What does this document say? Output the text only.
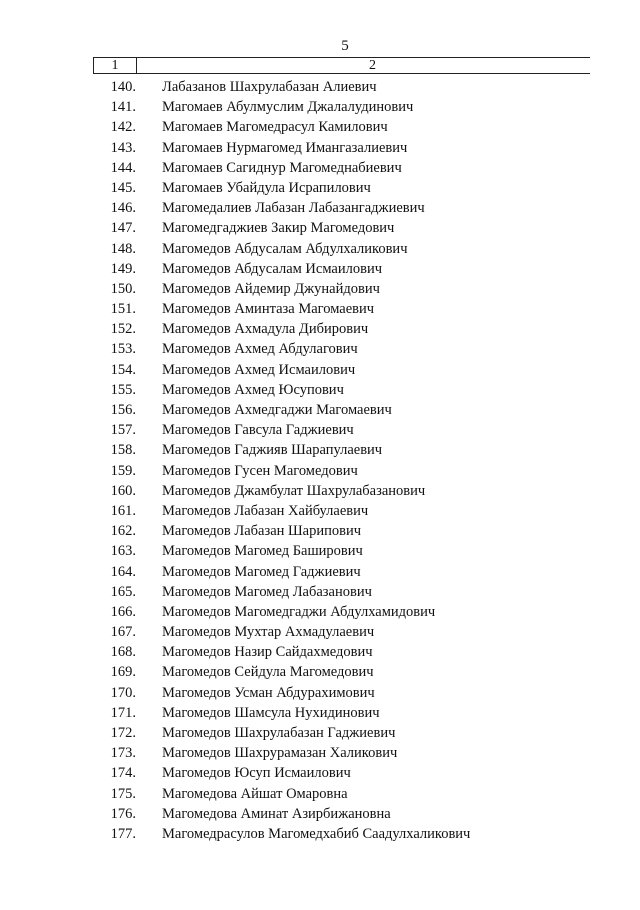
5
1	2
140. Лабазанов Шахрулабазан Алиевич
141. Магомаев Абулмуслим Джалалудинович
142. Магомаев Магомедрасул Камилович
143. Магомаев Нурмагомед Имангазалиевич
144. Магомаев Сагиднур Магомеднабиевич
145. Магомаев Убайдула Исрапилович
146. Магомедалиев Лабазан Лабазангаджиевич
147. Магомедгаджиев Закир Магомедович
148. Магомедов Абдусалам Абдулхаликович
149. Магомедов Абдусалам Исмаилович
150. Магомедов Айдемир Джунайдович
151. Магомедов Аминтаза Магомаевич
152. Магомедов Ахмадула Дибирович
153. Магомедов Ахмед Абдулагович
154. Магомедов Ахмед Исмаилович
155. Магомедов Ахмед Юсупович
156. Магомедов Ахмедгаджи Магомаевич
157. Магомедов Гавсула Гаджиевич
158. Магомедов Гаджияв Шарапулаевич
159. Магомедов Гусен Магомедович
160. Магомедов Джамбулат Шахрулабазанович
161. Магомедов Лабазан Хайбулаевич
162. Магомедов Лабазан Шарипович
163. Магомедов Магомед Баширович
164. Магомедов Магомед Гаджиевич
165. Магомедов Магомед Лабазанович
166. Магомедов Магомедгаджи Абдулхамидович
167. Магомедов Мухтар Ахмадулаевич
168. Магомедов Назир Сайдахмедович
169. Магомедов Сейдула Магомедович
170. Магомедов Усман Абдурахимович
171. Магомедов Шамсула Нухидинович
172. Магомедов Шахрулабазан Гаджиевич
173. Магомедов Шахрурамазан Халикович
174. Магомедов Юсуп Исмаилович
175. Магомедова Айшат Омаровна
176. Магомедова Аминат Азирбижановна
177. Магомедрасулов Магомедхабиб Саадулхаликович
